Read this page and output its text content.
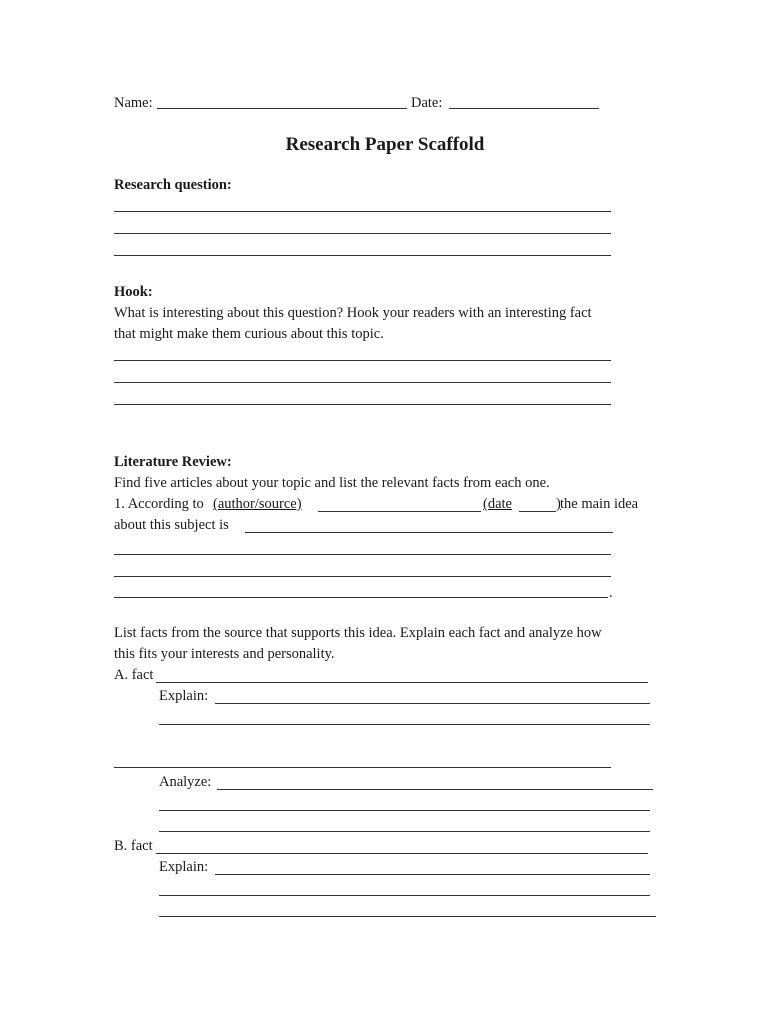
Name:	Date:
Research Paper Scaffold
Research question:
Hook:
What is interesting about this question? Hook your readers with an interesting fact
that might make them curious about this topic.
Literature Review:
Find five articles about your topic and list the relevant facts from each one.
1. According to (author/source)	(date	) the main idea
about this subject is
.
List facts from the source that supports this idea. Explain each fact and analyze how
this fits your interests and personality.
A. fact
Explain:
Analyze:
B. fact
Explain:
